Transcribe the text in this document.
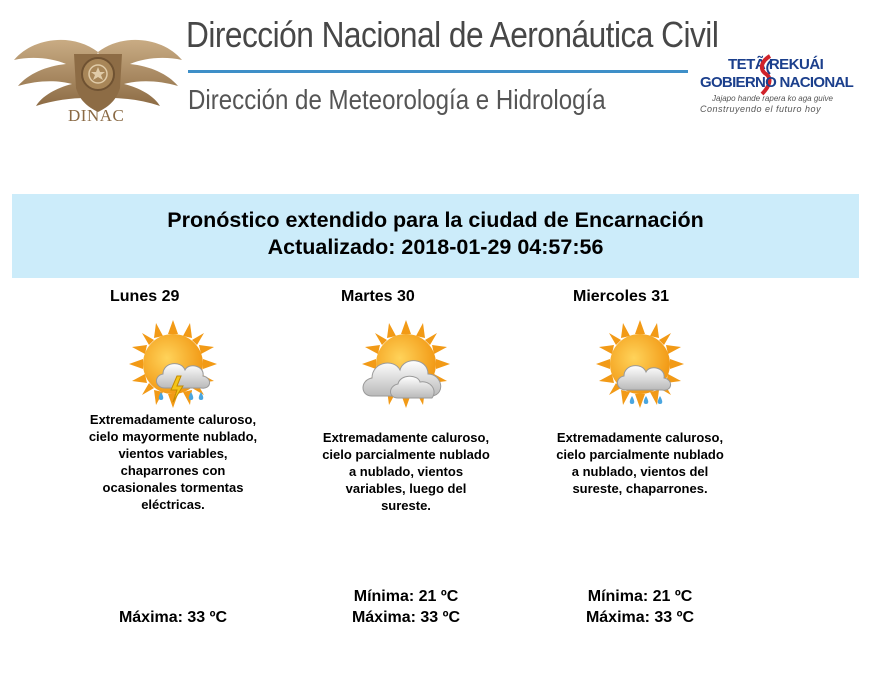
DINAC
Dirección Nacional de Aeronáutica Civil
Dirección de Meteorología e Hidrología
TETÃ REKUÁI
GOBIERNO NACIONAL
Jajapo hande rapera ko aga guive
Construyendo el futuro hoy
Pronóstico extendido para la ciudad de Encarnación
Actualizado: 2018-01-29 04:57:56
Lunes 29
Extremadamente caluroso, cielo mayormente nublado, vientos variables, chaparrones con ocasionales tormentas eléctricas.
Máxima: 33 ºC
Martes 30
Extremadamente caluroso, cielo parcialmente nublado a nublado, vientos variables, luego del sureste.
Mínima: 21 ºC
Máxima: 33 ºC
Miercoles 31
Extremadamente caluroso, cielo parcialmente nublado a nublado, vientos del sureste, chaparrones.
Mínima: 21 ºC
Máxima: 33 ºC
